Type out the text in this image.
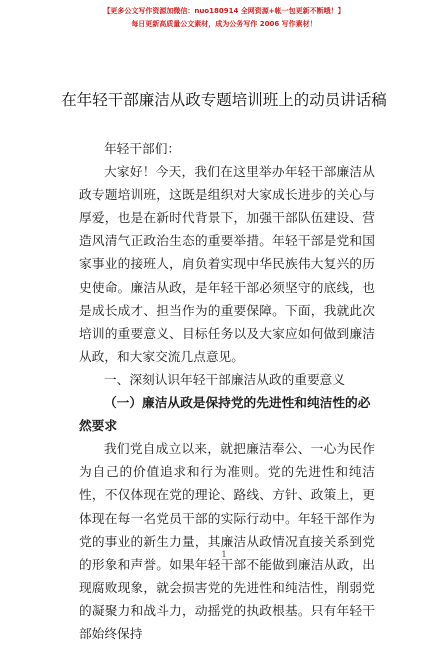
【更多公文写作资源加微信：nuo180914 全网资源+帐一包更新不断哦！】
每日更新高质量公文素材，成为公务写作 2006 写作素材！
在年轻干部廉洁从政专题培训班上的动员讲话稿

年轻干部们：

大家好！今天，我们在这里举办年轻干部廉洁从政专题培训班，这既是组织对大家成长进步的关心与厚爱，也是在新时代背景下，加强干部队伍建设、营造风清气正政治生态的重要举措。年轻干部是党和国家事业的接班人，肩负着实现中华民族伟大复兴的历史使命。廉洁从政，是年轻干部必须坚守的底线，也是成长成才、担当作为的重要保障。下面，我就此次培训的重要意义、目标任务以及大家应如何做到廉洁从政，和大家交流几点意见。

一、深刻认识年轻干部廉洁从政的重要意义

（一）廉洁从政是保持党的先进性和纯洁性的必然要求

我们党自成立以来，就把廉洁奉公、一心为民作为自己的价值追求和行为准则。党的先进性和纯洁性，不仅体现在党的理论、路线、方针、政策上，更体现在每一名党员干部的实际行动中。年轻干部作为党的事业的新生力量，其廉洁从政情况直接关系到党的形象和声誉。如果年轻干部不能做到廉洁从政，出现腐败现象，就会损害党的先进性和纯洁性，削弱党的凝聚力和战斗力，动摇党的执政根基。只有年轻干部始终保持

1
